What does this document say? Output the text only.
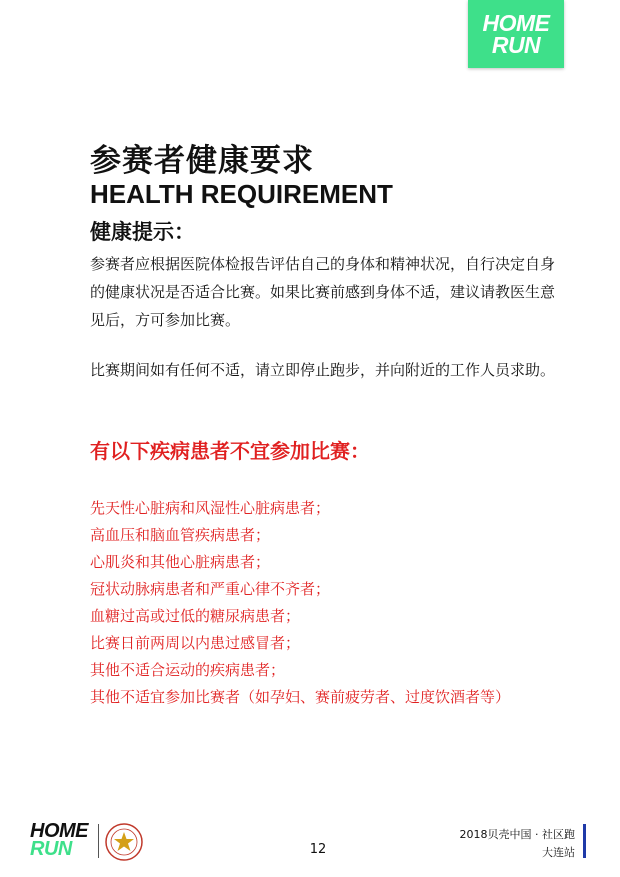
HOME
RUN
参赛者健康要求
HEALTH REQUIREMENT
健康提示：

参赛者应根据医院体检报告评估自己的身体和精神状况，自行决定自身的健康状况是否适合比赛。如果比赛前感到身体不适，建议请教医生意见后，方可参加比赛。

比赛期间如有任何不适，请立即停止跑步，并向附近的工作人员求助。

有以下疾病患者不宜参加比赛：
先天性心脏病和风湿性心脏病患者；
高血压和脑血管疾病患者；
心肌炎和其他心脏病患者；
冠状动脉病患者和严重心律不齐者；
血糖过高或过低的糖尿病患者；
比赛日前两周以内患过感冒者；
其他不适合运动的疾病患者；
其他不适宜参加比赛者（如孕妇、赛前疲劳者、过度饮酒者等）
HOME
RUN	12
2018贝壳中国 · 社区跑
大连站
